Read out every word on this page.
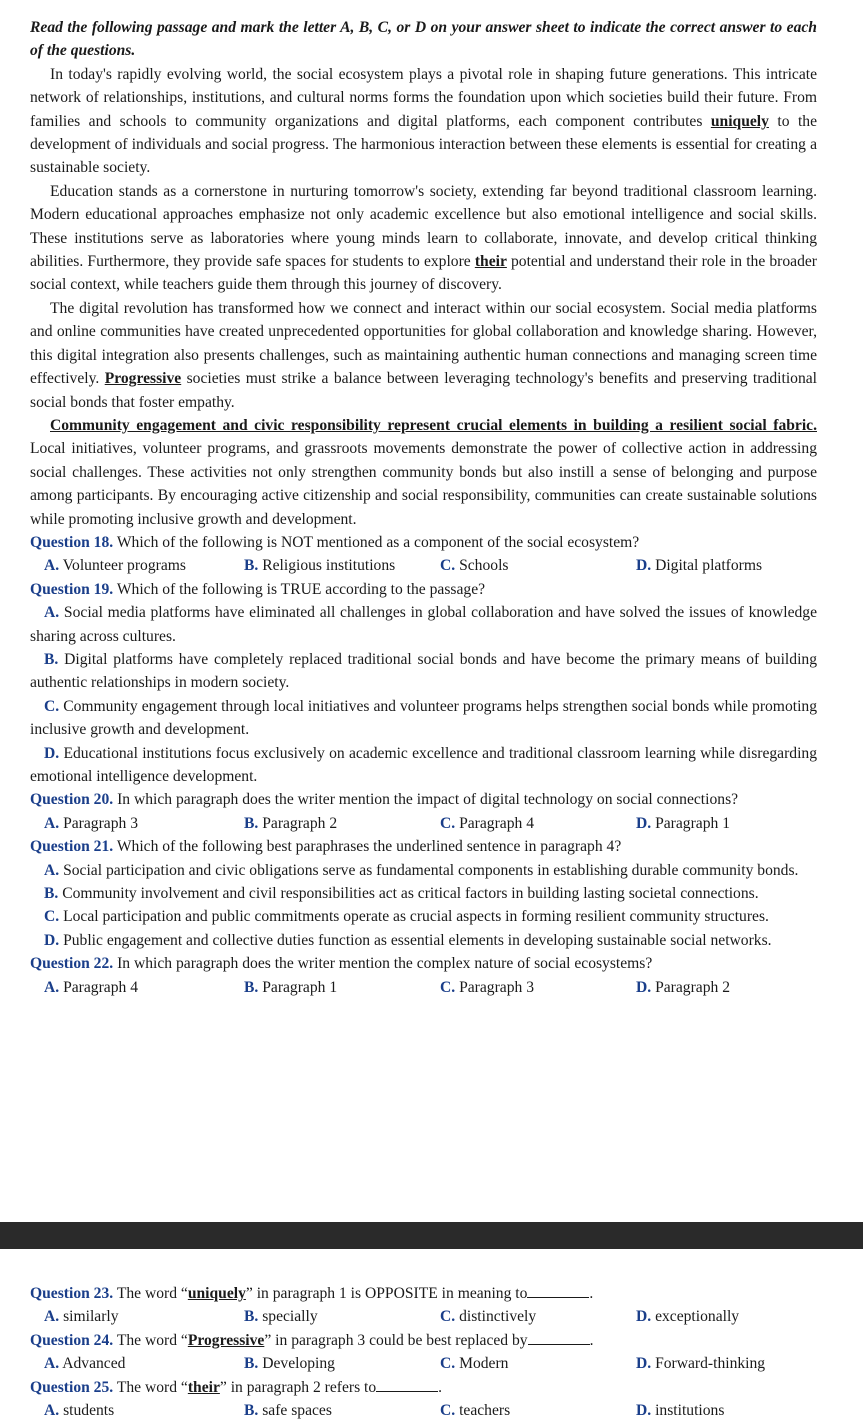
Read the following passage and mark the letter A, B, C, or D on your answer sheet to indicate the correct answer to each of the questions.

In today's rapidly evolving world, the social ecosystem plays a pivotal role in shaping future generations. This intricate network of relationships, institutions, and cultural norms forms the foundation upon which societies build their future. From families and schools to community organizations and digital platforms, each component contributes uniquely to the development of individuals and social progress. The harmonious interaction between these elements is essential for creating a sustainable society.

Education stands as a cornerstone in nurturing tomorrow's society, extending far beyond traditional classroom learning. Modern educational approaches emphasize not only academic excellence but also emotional intelligence and social skills. These institutions serve as laboratories where young minds learn to collaborate, innovate, and develop critical thinking abilities. Furthermore, they provide safe spaces for students to explore their potential and understand their role in the broader social context, while teachers guide them through this journey of discovery.

The digital revolution has transformed how we connect and interact within our social ecosystem. Social media platforms and online communities have created unprecedented opportunities for global collaboration and knowledge sharing. However, this digital integration also presents challenges, such as maintaining authentic human connections and managing screen time effectively. Progressive societies must strike a balance between leveraging technology's benefits and preserving traditional social bonds that foster empathy.

Community engagement and civic responsibility represent crucial elements in building a resilient social fabric. Local initiatives, volunteer programs, and grassroots movements demonstrate the power of collective action in addressing social challenges. These activities not only strengthen community bonds but also instill a sense of belonging and purpose among participants. By encouraging active citizenship and social responsibility, communities can create sustainable solutions while promoting inclusive growth and development.

Question 18. Which of the following is NOT mentioned as a component of the social ecosystem?

A. Volunteer programs	B. Religious institutions	C. Schools	D. Digital platforms

Question 19. Which of the following is TRUE according to the passage?

A. Social media platforms have eliminated all challenges in global collaboration and have solved the issues of knowledge sharing across cultures.

B. Digital platforms have completely replaced traditional social bonds and have become the primary means of building authentic relationships in modern society.

C. Community engagement through local initiatives and volunteer programs helps strengthen social bonds while promoting inclusive growth and development.

D. Educational institutions focus exclusively on academic excellence and traditional classroom learning while disregarding emotional intelligence development.

Question 20. In which paragraph does the writer mention the impact of digital technology on social connections?

A. Paragraph 3	B. Paragraph 2	C. Paragraph 4	D. Paragraph 1

Question 21. Which of the following best paraphrases the underlined sentence in paragraph 4?

A. Social participation and civic obligations serve as fundamental components in establishing durable community bonds.

B. Community involvement and civil responsibilities act as critical factors in building lasting societal connections.

C. Local participation and public commitments operate as crucial aspects in forming resilient community structures.

D. Public engagement and collective duties function as essential elements in developing sustainable social networks.

Question 22. In which paragraph does the writer mention the complex nature of social ecosystems?

A. Paragraph 4	B. Paragraph 1	C. Paragraph 3	D. Paragraph 2

Question 23. The word “uniquely” in paragraph 1 is OPPOSITE in meaning to	.

A. similarly	B. specially	C. distinctively	D. exceptionally

Question 24. The word “Progressive” in paragraph 3 could be best replaced by	.

A. Advanced	B. Developing	C. Modern	D. Forward-thinking

Question 25. The word “their” in paragraph 2 refers to	.

A. students	B. safe spaces	C. teachers	D. institutions
